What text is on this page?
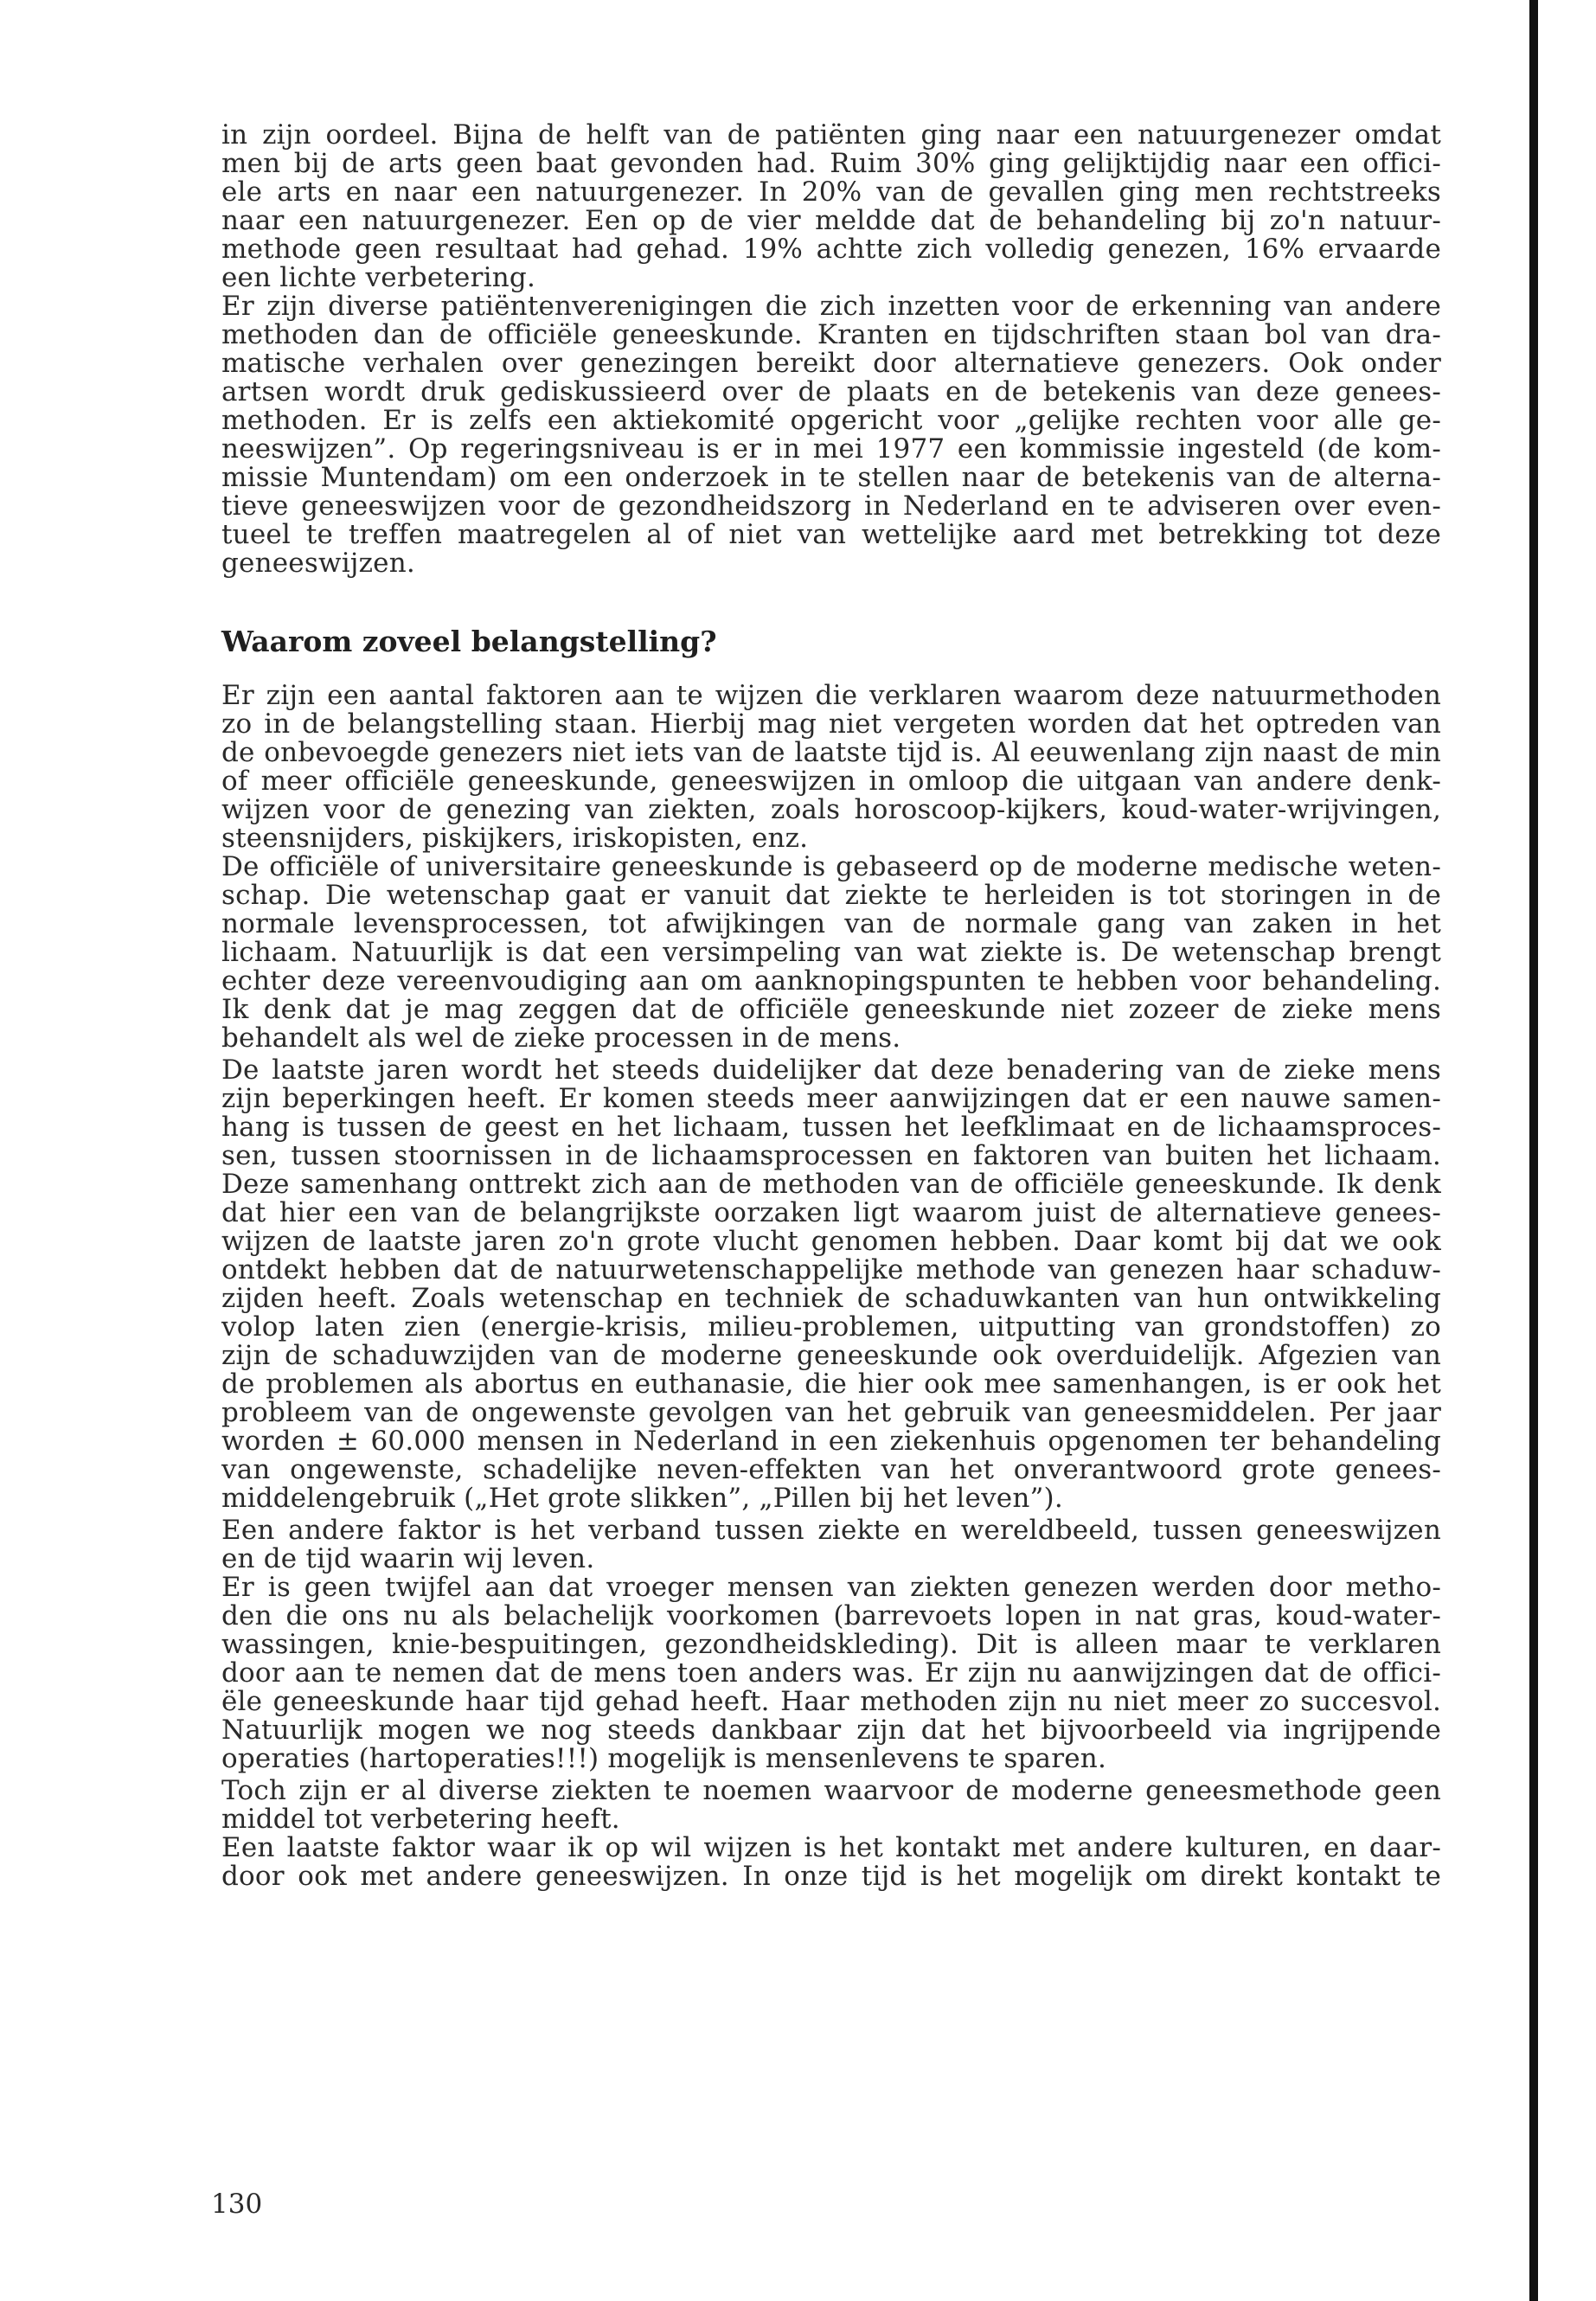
in zijn oordeel. Bijna de helft van de patiënten ging naar een natuurgenezer omdat
men bij de arts geen baat gevonden had. Ruim 30% ging gelijktijdig naar een offici-
ele arts en naar een natuurgenezer. In 20% van de gevallen ging men rechtstreeks
naar een natuurgenezer. Een op de vier meldde dat de behandeling bij zo'n natuur-
methode geen resultaat had gehad. 19% achtte zich volledig genezen, 16% ervaarde
een lichte verbetering.
Er zijn diverse patiëntenverenigingen die zich inzetten voor de erkenning van andere
methoden dan de officiële geneeskunde. Kranten en tijdschriften staan bol van dra-
matische verhalen over genezingen bereikt door alternatieve genezers. Ook onder
artsen wordt druk gediskussieerd over de plaats en de betekenis van deze genees-
methoden. Er is zelfs een aktiekomité opgericht voor „gelijke rechten voor alle ge-
neeswijzen”. Op regeringsniveau is er in mei 1977 een kommissie ingesteld (de kom-
missie Muntendam) om een onderzoek in te stellen naar de betekenis van de alterna-
tieve geneeswijzen voor de gezondheidszorg in Nederland en te adviseren over even-
tueel te treffen maatregelen al of niet van wettelijke aard met betrekking tot deze
geneeswijzen.
Waarom zoveel belangstelling?
Er zijn een aantal faktoren aan te wijzen die verklaren waarom deze natuurmethoden
zo in de belangstelling staan. Hierbij mag niet vergeten worden dat het optreden van
de onbevoegde genezers niet iets van de laatste tijd is. Al eeuwenlang zijn naast de min
of meer officiële geneeskunde, geneeswijzen in omloop die uitgaan van andere denk-
wijzen voor de genezing van ziekten, zoals horoscoop-kijkers, koud-water-wrijvingen,
steensnijders, piskijkers, iriskopisten, enz.
De officiële of universitaire geneeskunde is gebaseerd op de moderne medische weten-
schap. Die wetenschap gaat er vanuit dat ziekte te herleiden is tot storingen in de
normale levensprocessen, tot afwijkingen van de normale gang van zaken in het
lichaam. Natuurlijk is dat een versimpeling van wat ziekte is. De wetenschap brengt
echter deze vereenvoudiging aan om aanknopingspunten te hebben voor behandeling.
Ik denk dat je mag zeggen dat de officiële geneeskunde niet zozeer de zieke mens
behandelt als wel de zieke processen in de mens.
De laatste jaren wordt het steeds duidelijker dat deze benadering van de zieke mens
zijn beperkingen heeft. Er komen steeds meer aanwijzingen dat er een nauwe samen-
hang is tussen de geest en het lichaam, tussen het leefklimaat en de lichaamsproces-
sen, tussen stoornissen in de lichaamsprocessen en faktoren van buiten het lichaam.
Deze samenhang onttrekt zich aan de methoden van de officiële geneeskunde. Ik denk
dat hier een van de belangrijkste oorzaken ligt waarom juist de alternatieve genees-
wijzen de laatste jaren zo'n grote vlucht genomen hebben. Daar komt bij dat we ook
ontdekt hebben dat de natuurwetenschappelijke methode van genezen haar schaduw-
zijden heeft. Zoals wetenschap en techniek de schaduwkanten van hun ontwikkeling
volop laten zien (energie-krisis, milieu-problemen, uitputting van grondstoffen) zo
zijn de schaduwzijden van de moderne geneeskunde ook overduidelijk. Afgezien van
de problemen als abortus en euthanasie, die hier ook mee samenhangen, is er ook het
probleem van de ongewenste gevolgen van het gebruik van geneesmiddelen. Per jaar
worden ± 60.000 mensen in Nederland in een ziekenhuis opgenomen ter behandeling
van ongewenste, schadelijke neven-effekten van het onverantwoord grote genees-
middelengebruik („Het grote slikken”, „Pillen bij het leven”).
Een andere faktor is het verband tussen ziekte en wereldbeeld, tussen geneeswijzen
en de tijd waarin wij leven.
Er is geen twijfel aan dat vroeger mensen van ziekten genezen werden door metho-
den die ons nu als belachelijk voorkomen (barrevoets lopen in nat gras, koud-water-
wassingen, knie-bespuitingen, gezondheidskleding). Dit is alleen maar te verklaren
door aan te nemen dat de mens toen anders was. Er zijn nu aanwijzingen dat de offici-
ële geneeskunde haar tijd gehad heeft. Haar methoden zijn nu niet meer zo succesvol.
Natuurlijk mogen we nog steeds dankbaar zijn dat het bijvoorbeeld via ingrijpende
operaties (hartoperaties!!!) mogelijk is mensenlevens te sparen.
Toch zijn er al diverse ziekten te noemen waarvoor de moderne geneesmethode geen
middel tot verbetering heeft.
Een laatste faktor waar ik op wil wijzen is het kontakt met andere kulturen, en daar-
door ook met andere geneeswijzen. In onze tijd is het mogelijk om direkt kontakt te
130
